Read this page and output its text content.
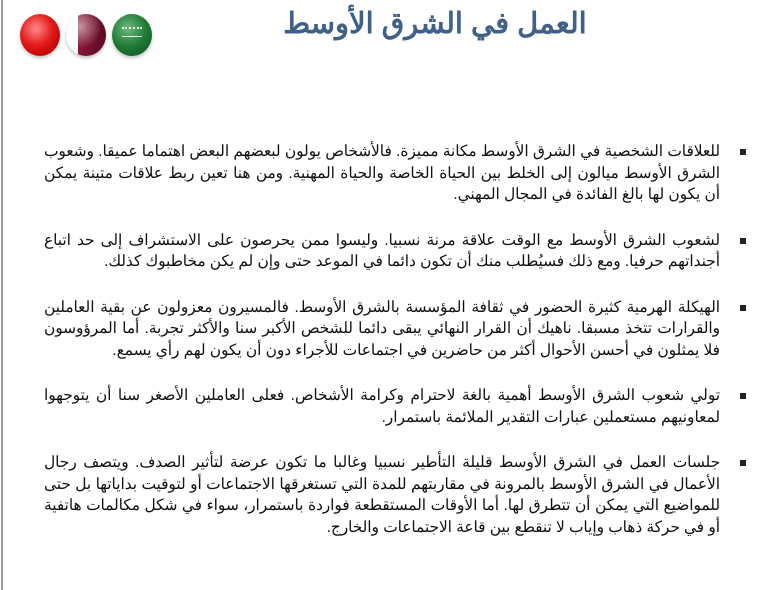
العمل في الشرق الأوسط
للعلاقات الشخصية في الشرق الأوسط مكانة مميزة. فالأشخاص يولون لبعضهم البعض اهتماما عميقا. وشعوب الشرق الأوسط ميالون إلى الخلط بين الحياة الخاصة والحياة المهنية. ومن هنا تعين ربط علاقات متينة يمكن أن يكون لها بالغ الفائدة في المجال المهني.
لشعوب الشرق الأوسط مع الوقت علاقة مرنة نسبيا. وليسوا ممن يحرصون على الاستشراف إلى حد اتباع أجنداتهم حرفيا. ومع ذلك فسيُطلب منك أن تكون دائما في الموعد حتى وإن لم يكن مخاطبوك كذلك.
الهيكلة الهرمية كثيرة الحضور في ثقافة المؤسسة بالشرق الأوسط. فالمسيرون معزولون عن بقية العاملين والقرارات تتخذ مسبقا. ناهيك أن القرار النهائي يبقى دائما للشخص الأكبر سنا والأكثر تجربة. أما المرؤوسون فلا يمثلون في أحسن الأحوال أكثر من حاضرين في اجتماعات للأجراء دون أن يكون لهم رأي يسمع.
تولي شعوب الشرق الأوسط أهمية بالغة لاحترام وكرامة الأشخاص. فعلى العاملين الأصغر سنا أن يتوجهوا لمعاونيهم مستعملين عبارات التقدير الملائمة باستمرار.
جلسات العمل في الشرق الأوسط قليلة التأطير نسبيا وغالبا ما تكون عرضة لتأثير الصدف. ويتصف رجال الأعمال في الشرق الأوسط بالمرونة في مقاربتهم للمدة التي تستغرقها الاجتماعات أو لتوقيت بداياتها بل حتى للمواضيع التي يمكن أن تتطرق لها. أما الأوقات المستقطعة فواردة باستمرار، سواء في شكل مكالمات هاتفية أو في حركة ذهاب وإياب لا تنقطع بين قاعة الاجتماعات والخارج.
